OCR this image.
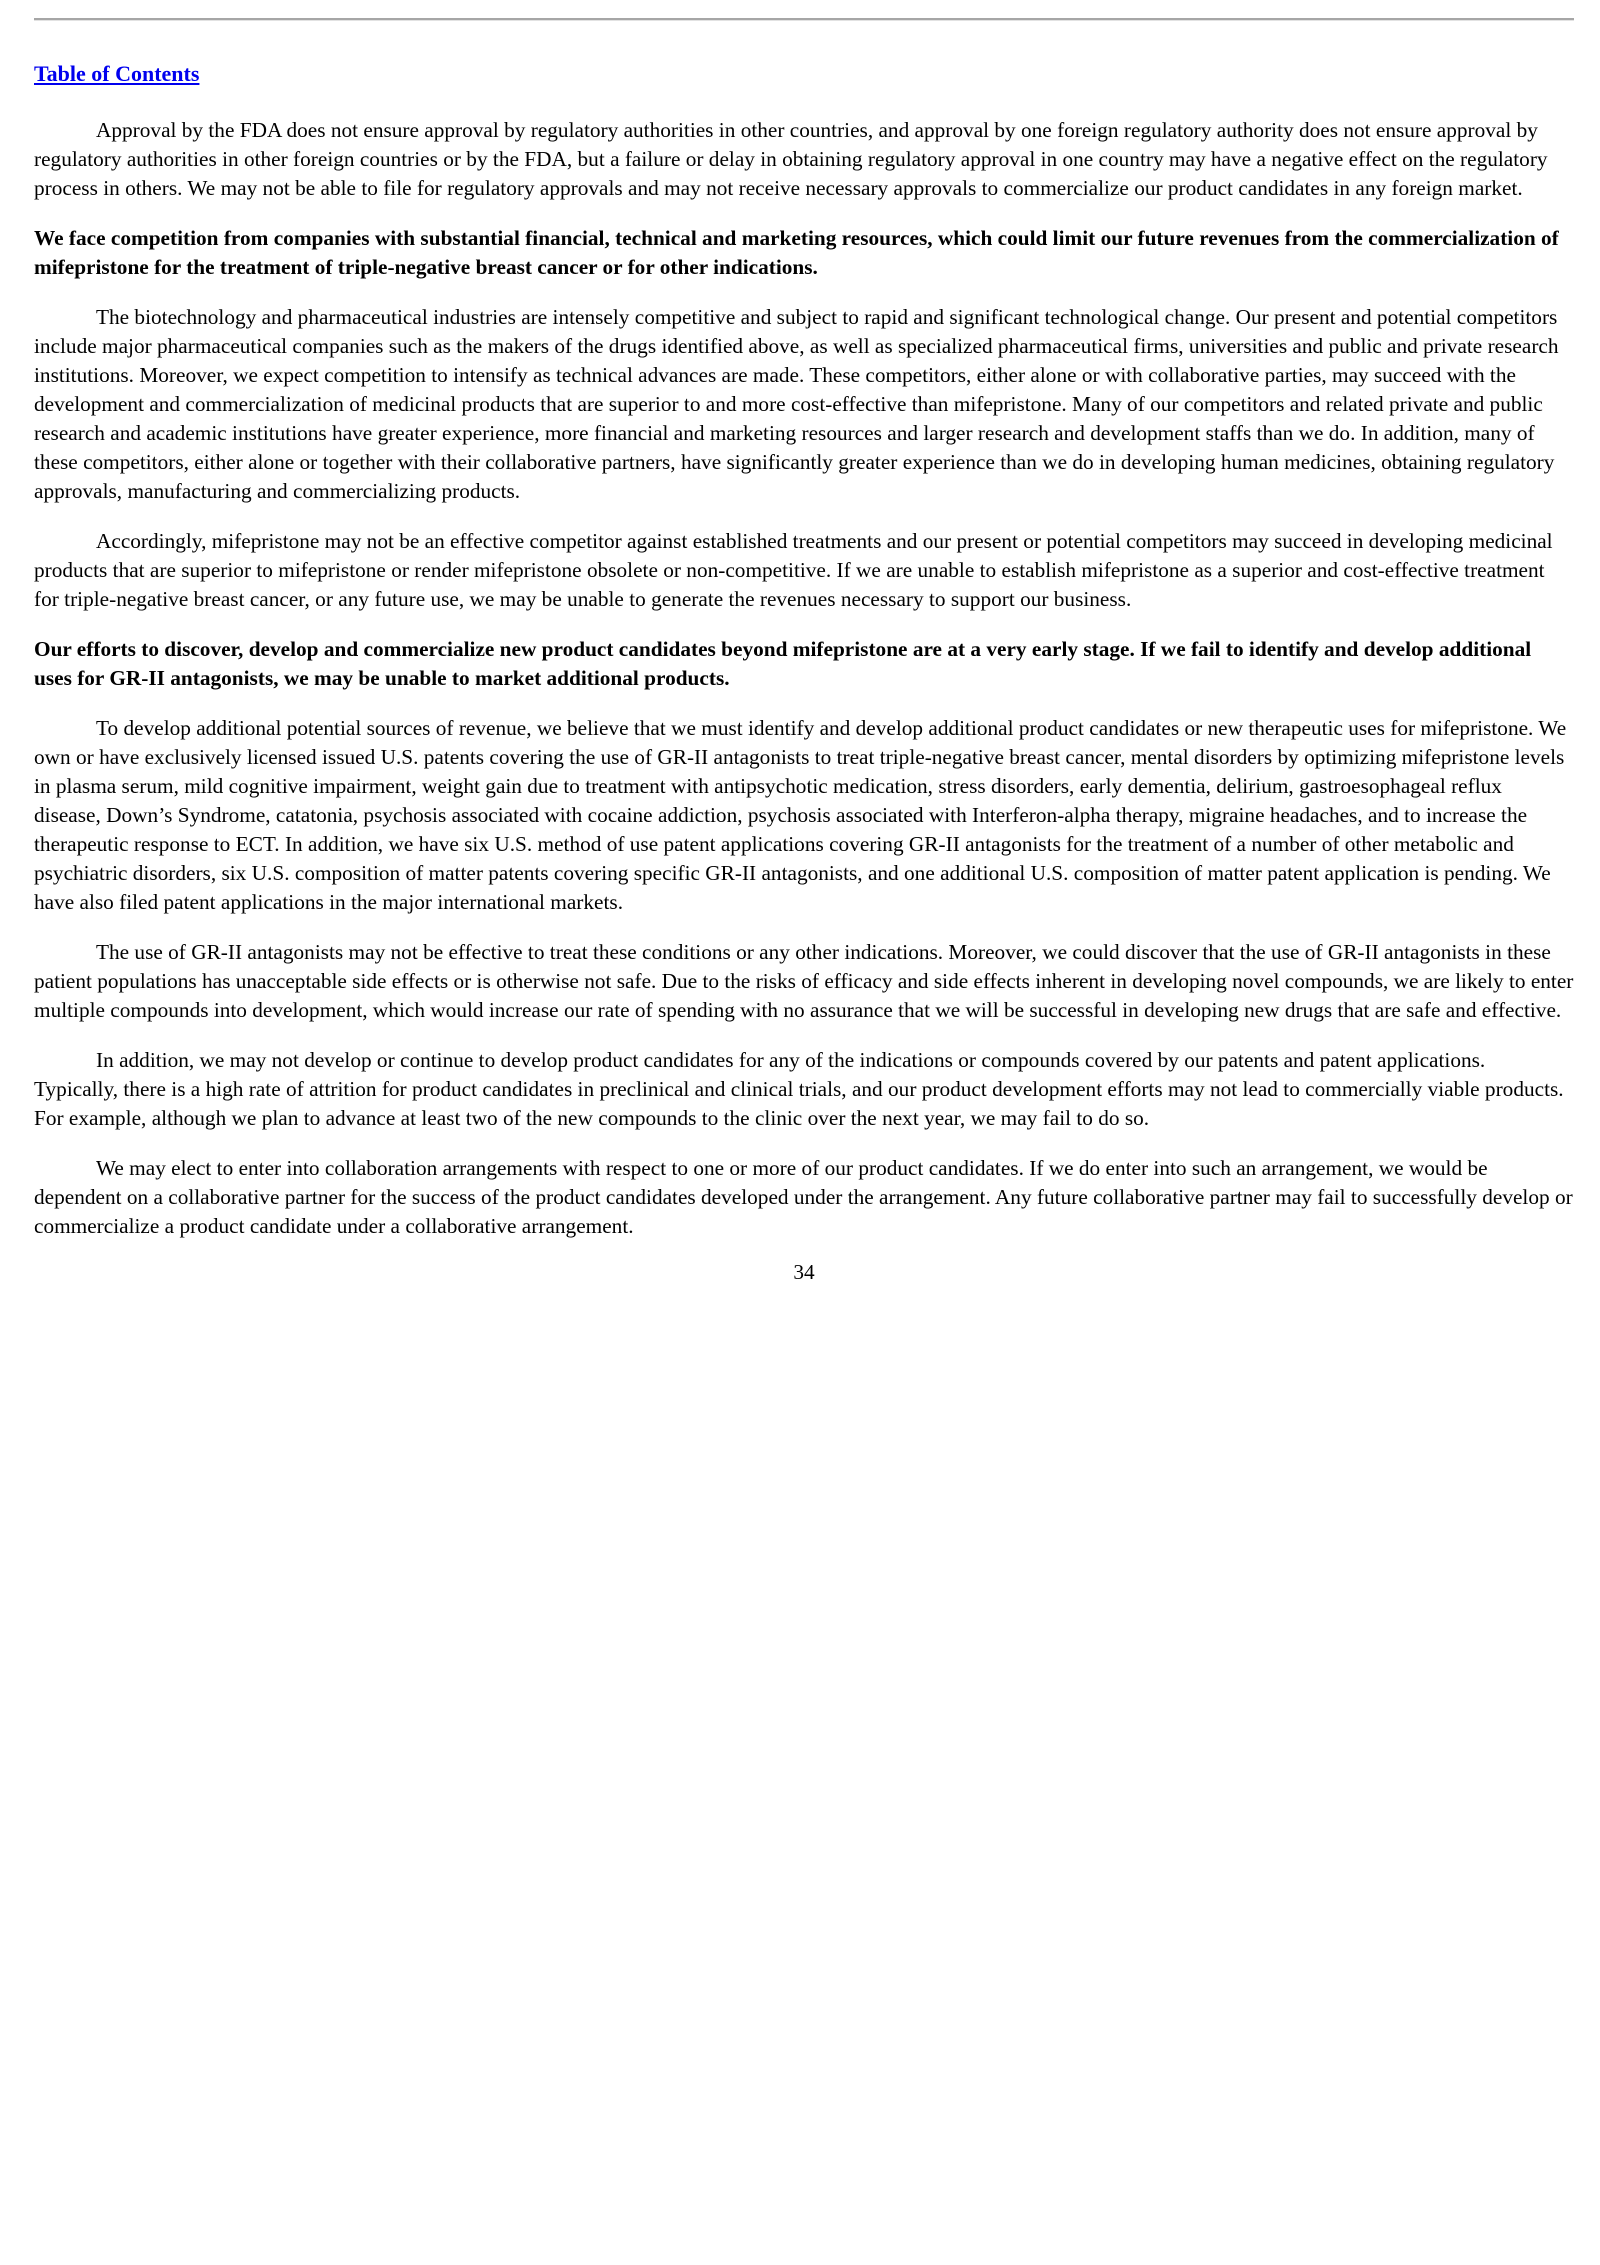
Table of Contents

Approval by the FDA does not ensure approval by regulatory authorities in other countries, and approval by one foreign regulatory authority does not ensure approval by regulatory authorities in other foreign countries or by the FDA, but a failure or delay in obtaining regulatory approval in one country may have a negative effect on the regulatory process in others. We may not be able to file for regulatory approvals and may not receive necessary approvals to commercialize our product candidates in any foreign market.

We face competition from companies with substantial financial, technical and marketing resources, which could limit our future revenues from the commercialization of mifepristone for the treatment of triple-negative breast cancer or for other indications.

The biotechnology and pharmaceutical industries are intensely competitive and subject to rapid and significant technological change. Our present and potential competitors include major pharmaceutical companies such as the makers of the drugs identified above, as well as specialized pharmaceutical firms, universities and public and private research institutions. Moreover, we expect competition to intensify as technical advances are made. These competitors, either alone or with collaborative parties, may succeed with the development and commercialization of medicinal products that are superior to and more cost-effective than mifepristone. Many of our competitors and related private and public research and academic institutions have greater experience, more financial and marketing resources and larger research and development staffs than we do. In addition, many of these competitors, either alone or together with their collaborative partners, have significantly greater experience than we do in developing human medicines, obtaining regulatory approvals, manufacturing and commercializing products.

Accordingly, mifepristone may not be an effective competitor against established treatments and our present or potential competitors may succeed in developing medicinal products that are superior to mifepristone or render mifepristone obsolete or non-competitive. If we are unable to establish mifepristone as a superior and cost-effective treatment for triple-negative breast cancer, or any future use, we may be unable to generate the revenues necessary to support our business.

Our efforts to discover, develop and commercialize new product candidates beyond mifepristone are at a very early stage. If we fail to identify and develop additional uses for GR-II antagonists, we may be unable to market additional products.

To develop additional potential sources of revenue, we believe that we must identify and develop additional product candidates or new therapeutic uses for mifepristone. We own or have exclusively licensed issued U.S. patents covering the use of GR-II antagonists to treat triple-negative breast cancer, mental disorders by optimizing mifepristone levels in plasma serum, mild cognitive impairment, weight gain due to treatment with antipsychotic medication, stress disorders, early dementia, delirium, gastroesophageal reflux disease, Down’s Syndrome, catatonia, psychosis associated with cocaine addiction, psychosis associated with Interferon-alpha therapy, migraine headaches, and to increase the therapeutic response to ECT. In addition, we have six U.S. method of use patent applications covering GR-II antagonists for the treatment of a number of other metabolic and psychiatric disorders, six U.S. composition of matter patents covering specific GR-II antagonists, and one additional U.S. composition of matter patent application is pending. We have also filed patent applications in the major international markets.

The use of GR-II antagonists may not be effective to treat these conditions or any other indications. Moreover, we could discover that the use of GR-II antagonists in these patient populations has unacceptable side effects or is otherwise not safe. Due to the risks of efficacy and side effects inherent in developing novel compounds, we are likely to enter multiple compounds into development, which would increase our rate of spending with no assurance that we will be successful in developing new drugs that are safe and effective.

In addition, we may not develop or continue to develop product candidates for any of the indications or compounds covered by our patents and patent applications. Typically, there is a high rate of attrition for product candidates in preclinical and clinical trials, and our product development efforts may not lead to commercially viable products. For example, although we plan to advance at least two of the new compounds to the clinic over the next year, we may fail to do so.

We may elect to enter into collaboration arrangements with respect to one or more of our product candidates. If we do enter into such an arrangement, we would be dependent on a collaborative partner for the success of the product candidates developed under the arrangement. Any future collaborative partner may fail to successfully develop or commercialize a product candidate under a collaborative arrangement.

34
